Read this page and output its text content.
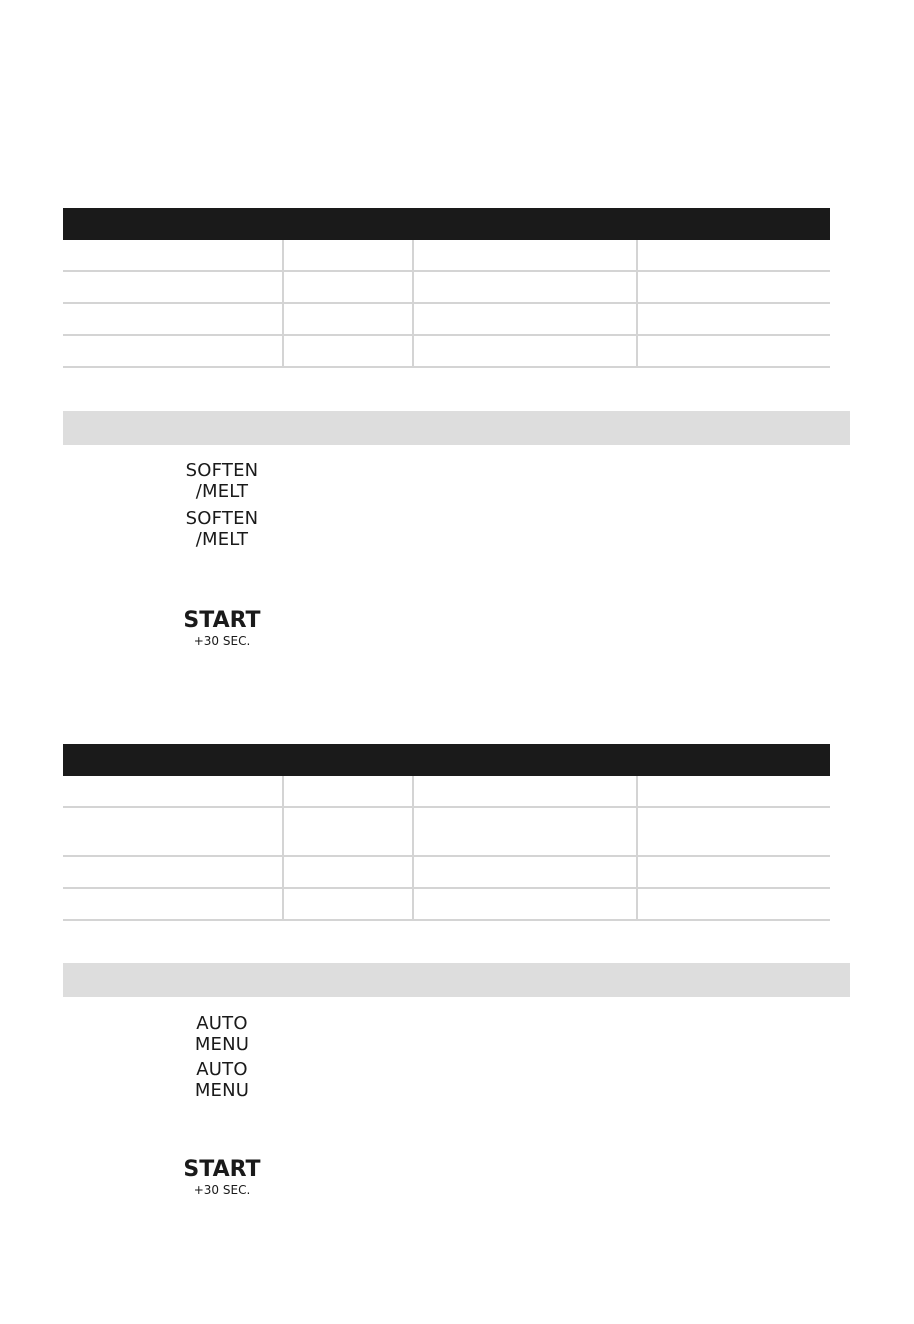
SOFTEN
/MELT
SOFTEN
/MELT
START
+30 SEC.
AUTO
MENU
AUTO
MENU
START
+30 SEC.
